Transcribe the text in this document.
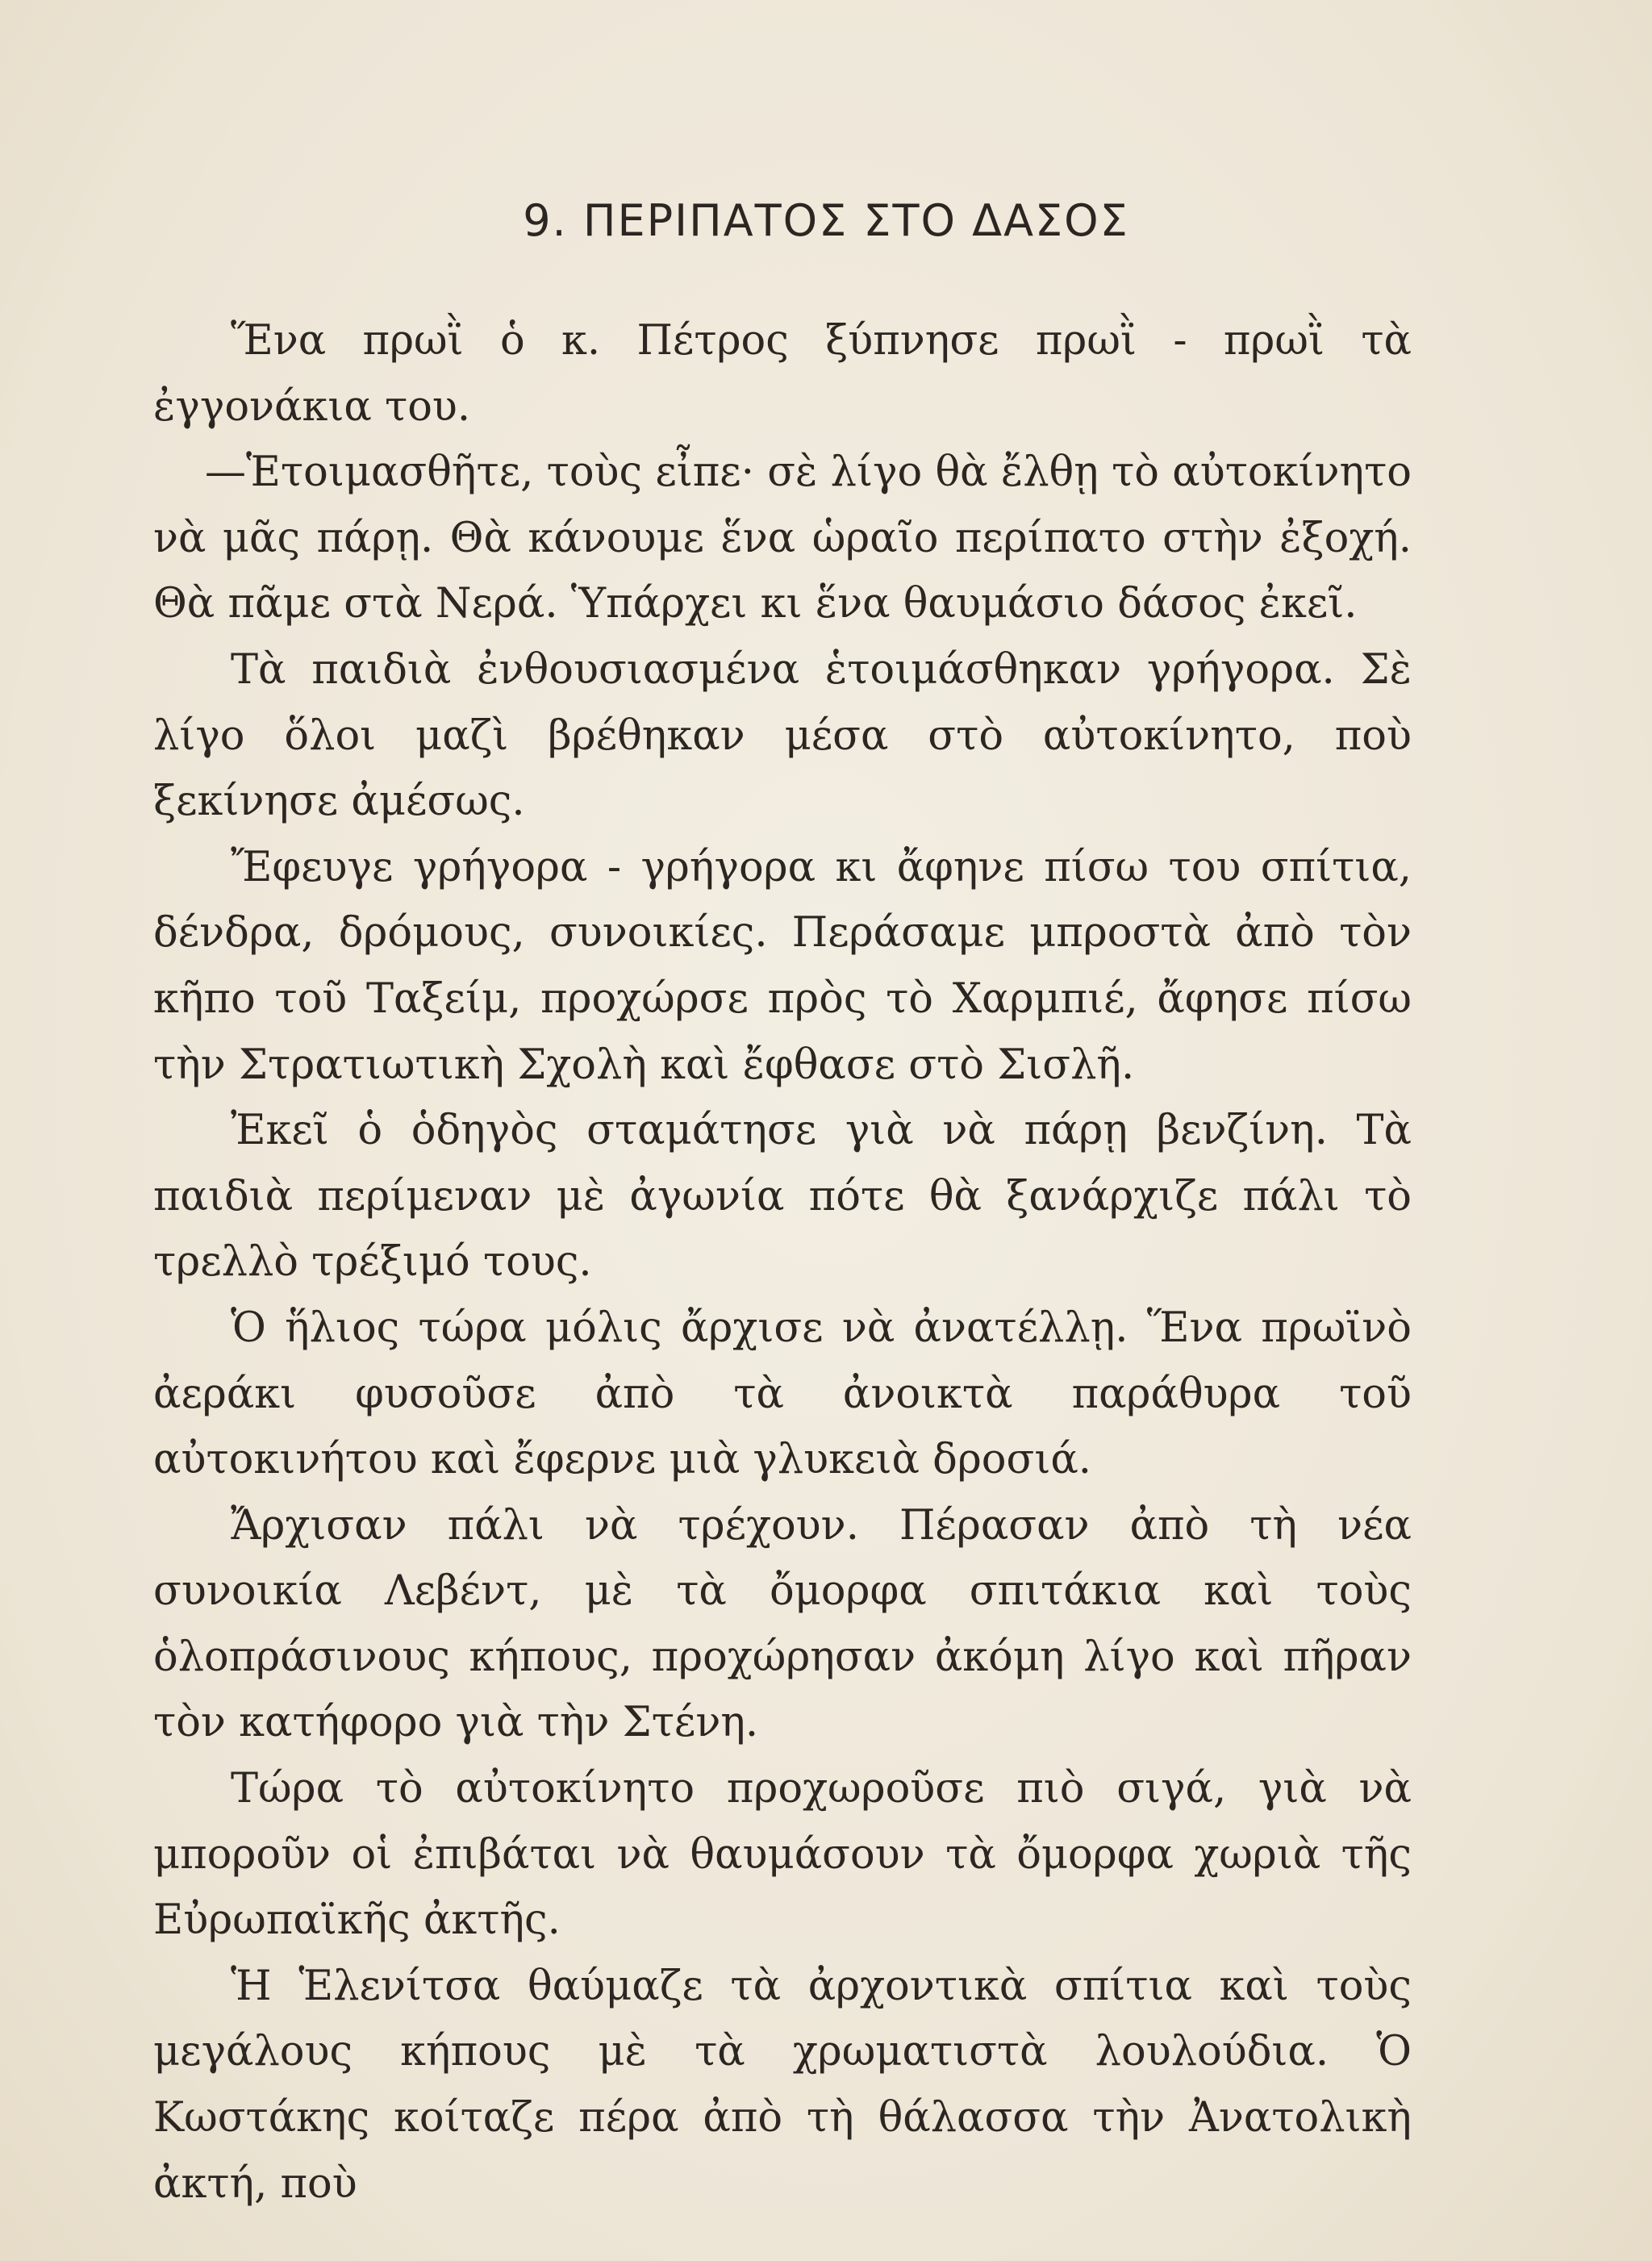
9. ΠΕΡΙΠΑΤΟΣ ΣΤΟ ΔΑΣΟΣ

Ἕνα πρωῒ ὁ κ. Πέτρος ξύπνησε πρωῒ - πρωῒ τὰ ἐγγονάκια του.

—Ἑτοιμασθῆτε, τοὺς εἶπε· σὲ λίγο θὰ ἔλθῃ τὸ αὐτοκίνητο νὰ μᾶς πάρῃ. Θὰ κάνουμε ἕνα ὡραῖο περίπατο στὴν ἐξοχή. Θὰ πᾶμε στὰ Νερά. Ὑπάρχει κι ἕνα θαυμάσιο δάσος ἐκεῖ.

Τὰ παιδιὰ ἐνθουσιασμένα ἑτοιμάσθηκαν γρήγορα. Σὲ λίγο ὅλοι μαζὶ βρέθηκαν μέσα στὸ αὐτοκίνητο, ποὺ ξεκίνησε ἀμέσως.

Ἔφευγε γρήγορα - γρήγορα κι ἄφηνε πίσω του σπίτια, δένδρα, δρόμους, συνοικίες. Περάσαμε μπροστὰ ἀπὸ τὸν κῆπο τοῦ Ταξείμ, προχώρσε πρὸς τὸ Χαρμπιέ, ἄφησε πίσω τὴν Στρατιωτικὴ Σχολὴ καὶ ἔφθασε στὸ Σισλῆ.

Ἐκεῖ ὁ ὁδηγὸς σταμάτησε γιὰ νὰ πάρῃ βενζίνη. Τὰ παιδιὰ περίμεναν μὲ ἀγωνία πότε θὰ ξανάρχιζε πάλι τὸ τρελλὸ τρέξιμό τους.

Ὁ ἥλιος τώρα μόλις ἄρχισε νὰ ἀνατέλλῃ. Ἕνα πρωϊνὸ ἀεράκι φυσοῦσε ἀπὸ τὰ ἀνοικτὰ παράθυρα τοῦ αὐτοκινήτου καὶ ἔφερνε μιὰ γλυκειὰ δροσιά.

Ἄρχισαν πάλι νὰ τρέχουν. Πέρασαν ἀπὸ τὴ νέα συνοικία Λεβέντ, μὲ τὰ ὄμορφα σπιτάκια καὶ τοὺς ὁλοπράσινους κήπους, προχώρησαν ἀκόμη λίγο καὶ πῆραν τὸν κατήφορο γιὰ τὴν Στένη.

Τώρα τὸ αὐτοκίνητο προχωροῦσε πιὸ σιγά, γιὰ νὰ μποροῦν οἱ ἐπιβάται νὰ θαυμάσουν τὰ ὄμορφα χωριὰ τῆς Εὐρωπαϊκῆς ἀκτῆς.

Ἡ Ἑλενίτσα θαύμαζε τὰ ἀρχοντικὰ σπίτια καὶ τοὺς μεγάλους κήπους μὲ τὰ χρωματιστὰ λουλούδια. Ὁ Κωστάκης κοίταζε πέρα ἀπὸ τὴ θάλασσα τὴν Ἀνατολικὴ ἀκτή, ποὺ
